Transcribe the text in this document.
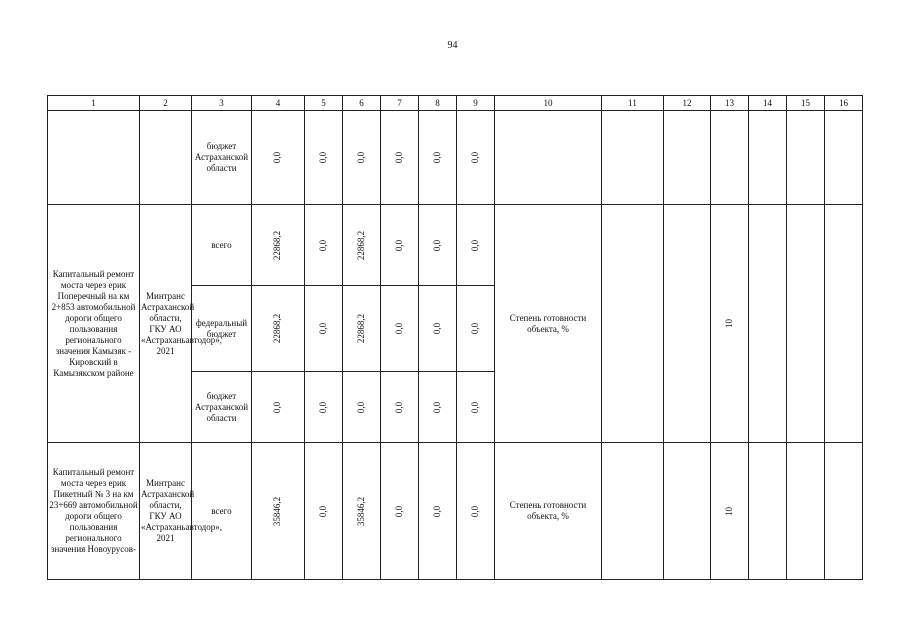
94
1	2	3	4	5	6	7	8	9	10	11	12	13	14	15	16

		бюджет Астраханской области	0,0	0,0	0,0	0,0	0,0	0,0							
Капитальный ремонт моста через ерик Поперечный на км 2+853 автомобильной дороги общего пользования регионального значения Камызяк - Кировский в Камызякском районе	Минтранс Астраханской области, ГКУ АО «Астраханьавтодор», 2021	всего	22868,2	0,0	22868,2	0,0	0,0	0,0	Степень готовности объекта, %			10			

		федеральный бюджет	22868,2	0,0	22868,2	0,0	0,0	0,0							

		бюджет Астраханской области	0,0	0,0	0,0	0,0	0,0	0,0							
Капитальный ремонт моста через ерик Пикетный № 3 на км 23+669 автомобильной дороги общего пользования регионального значения Новоурусов-	Минтранс Астраханской области, ГКУ АО «Астраханьавтодор», 2021	всего	35846,2	0,0	35846,2	0,0	0,0	0,0	Степень готовности объекта, %			10			
